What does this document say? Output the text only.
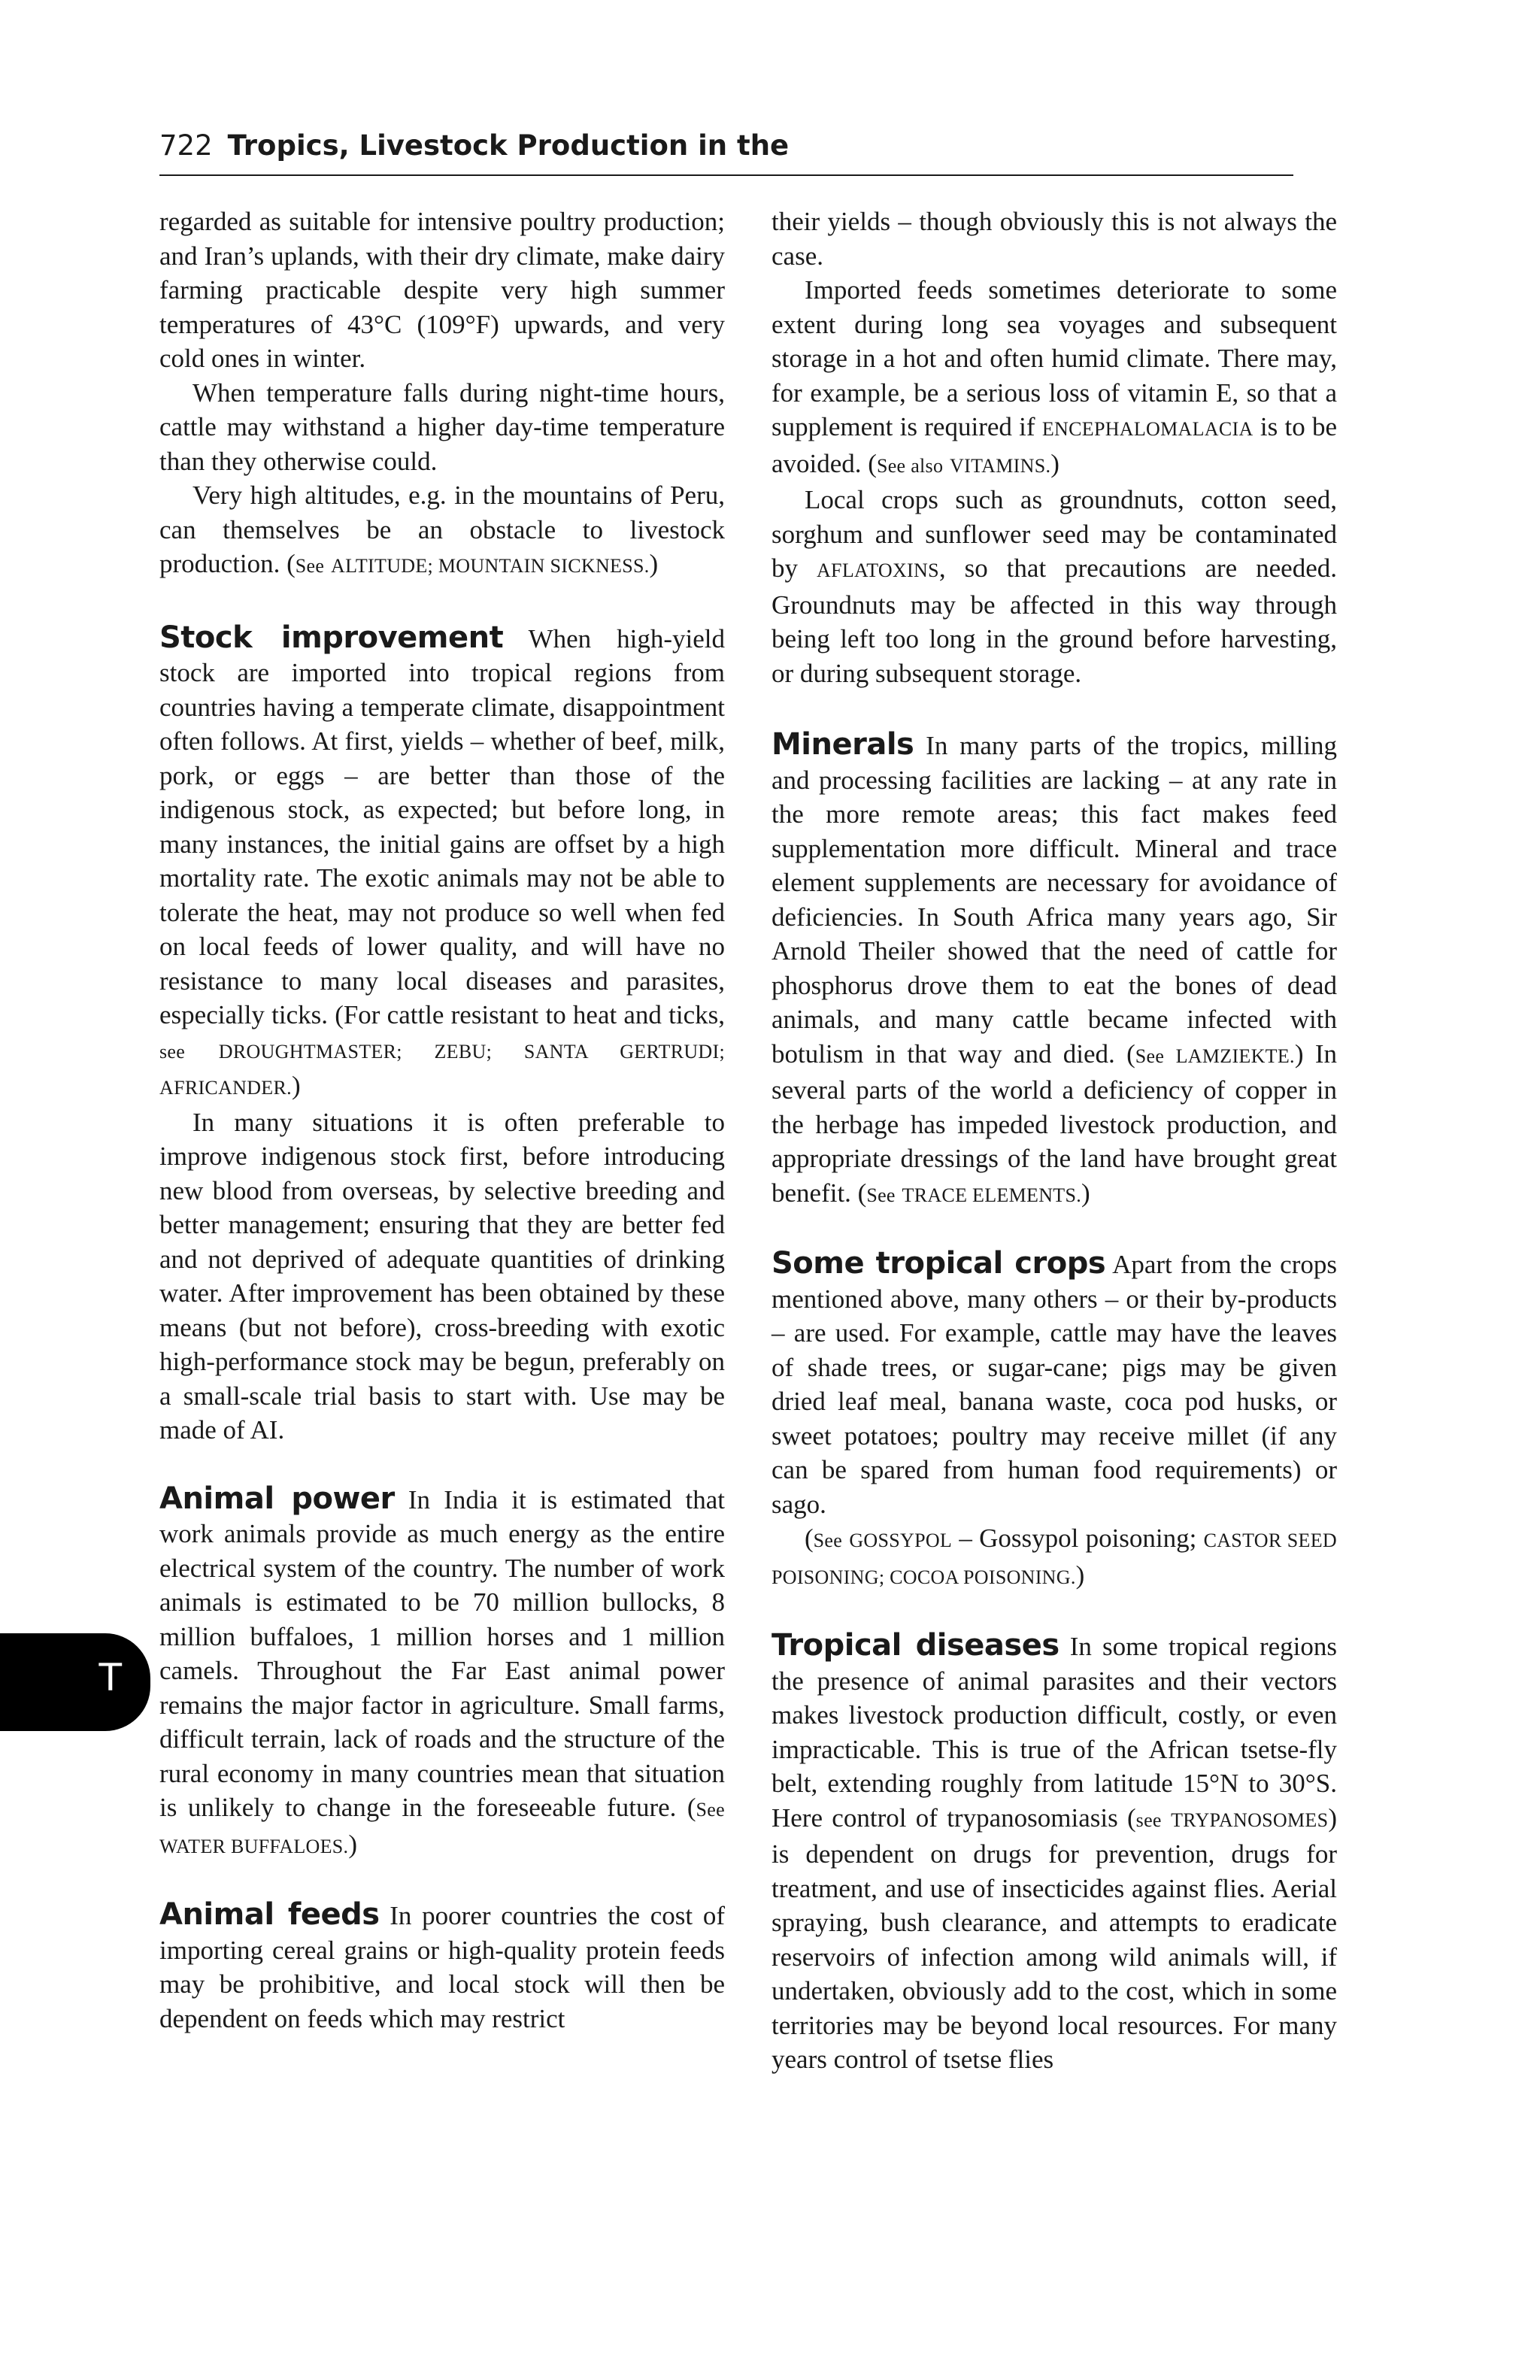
722 Tropics, Livestock Production in the
T

regarded as suitable for intensive poultry production; and Iran’s uplands, with their dry climate, make dairy farming practicable despite very high summer temperatures of 43°C (109°F) upwards, and very cold ones in winter.

When temperature falls during night-time hours, cattle may withstand a higher day-time temperature than they otherwise could.

Very high altitudes, e.g. in the mountains of Peru, can themselves be an obstacle to livestock production. (See ALTITUDE; MOUNTAIN SICKNESS.)

Stock improvement When high-yield stock are imported into tropical regions from countries having a temperate climate, disappointment often follows. At first, yields – whether of beef, milk, pork, or eggs – are better than those of the indigenous stock, as expected; but before long, in many instances, the initial gains are offset by a high mortality rate. The exotic animals may not be able to tolerate the heat, may not produce so well when fed on local feeds of lower quality, and will have no resistance to many local diseases and parasites, especially ticks. (For cattle resistant to heat and ticks, see DROUGHTMASTER; ZEBU; SANTA GERTRUDI; AFRICANDER.)

In many situations it is often preferable to improve indigenous stock first, before introducing new blood from overseas, by selective breeding and better management; ensuring that they are better fed and not deprived of adequate quantities of drinking water. After improvement has been obtained by these means (but not before), cross-breeding with exotic high-performance stock may be begun, preferably on a small-scale trial basis to start with. Use may be made of AI.

Animal power In India it is estimated that work animals provide as much energy as the entire electrical system of the country. The number of work animals is estimated to be 70 million bullocks, 8 million buffaloes, 1 million horses and 1 million camels. Throughout the Far East animal power remains the major factor in agriculture. Small farms, difficult terrain, lack of roads and the structure of the rural economy in many countries mean that situation is unlikely to change in the foreseeable future. (See WATER BUFFALOES.)

Animal feeds In poorer countries the cost of importing cereal grains or high-quality protein feeds may be prohibitive, and local stock will then be dependent on feeds which may restrict

their yields – though obviously this is not always the case.

Imported feeds sometimes deteriorate to some extent during long sea voyages and subsequent storage in a hot and often humid climate. There may, for example, be a serious loss of vitamin E, so that a supplement is required if ENCEPHALOMALACIA is to be avoided. (See also VITAMINS.)

Local crops such as groundnuts, cotton seed, sorghum and sunflower seed may be contaminated by AFLATOXINS, so that precautions are needed. Groundnuts may be affected in this way through being left too long in the ground before harvesting, or during subsequent storage.

Minerals In many parts of the tropics, milling and processing facilities are lacking – at any rate in the more remote areas; this fact makes feed supplementation more difficult. Mineral and trace element supplements are necessary for avoidance of deficiencies. In South Africa many years ago, Sir Arnold Theiler showed that the need of cattle for phosphorus drove them to eat the bones of dead animals, and many cattle became infected with botulism in that way and died. (See LAMZIEKTE.) In several parts of the world a deficiency of copper in the herbage has impeded livestock production, and appropriate dressings of the land have brought great benefit. (See TRACE ELEMENTS.)

Some tropical crops Apart from the crops mentioned above, many others – or their by-products – are used. For example, cattle may have the leaves of shade trees, or sugar-cane; pigs may be given dried leaf meal, banana waste, coca pod husks, or sweet potatoes; poultry may receive millet (if any can be spared from human food requirements) or sago.

(See GOSSYPOL – Gossypol poisoning; CASTOR SEED POISONING; COCOA POISONING.)

Tropical diseases In some tropical regions the presence of animal parasites and their vectors makes livestock production difficult, costly, or even impracticable. This is true of the African tsetse-fly belt, extending roughly from latitude 15°N to 30°S. Here control of trypanosomiasis (see TRYPANOSOMES) is dependent on drugs for prevention, drugs for treatment, and use of insecticides against flies. Aerial spraying, bush clearance, and attempts to eradicate reservoirs of infection among wild animals will, if undertaken, obviously add to the cost, which in some territories may be beyond local resources. For many years control of tsetse flies
